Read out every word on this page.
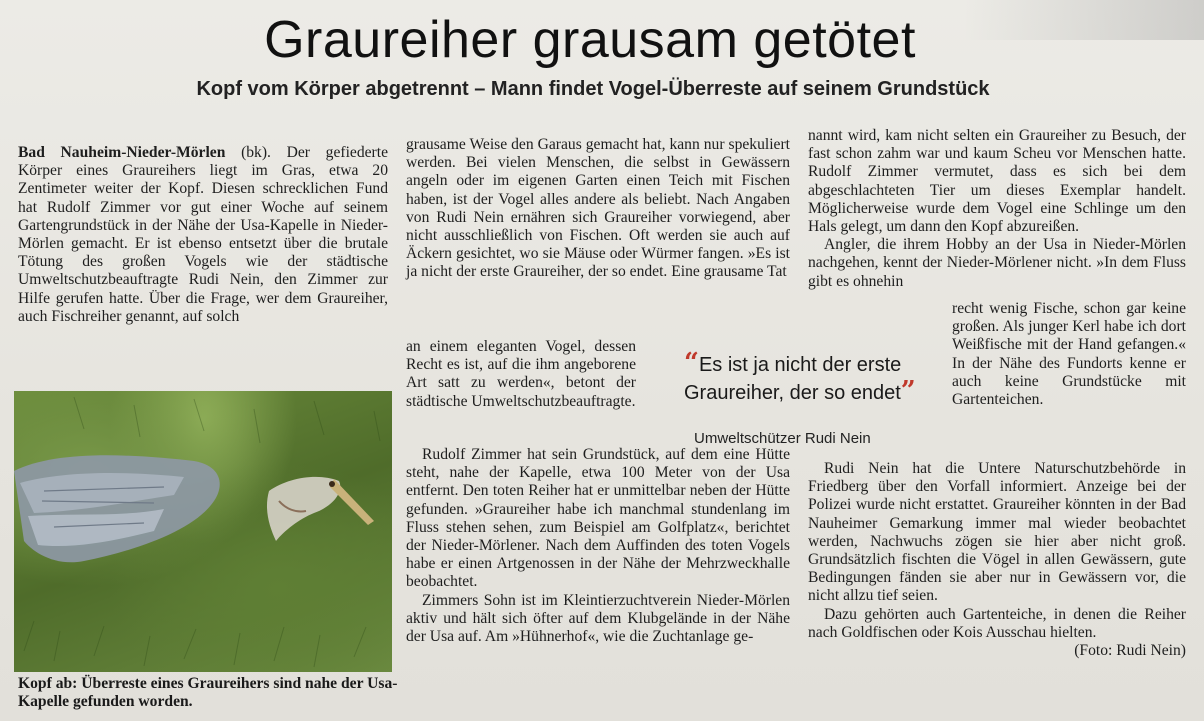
Graureiher grausam getötet
Kopf vom Körper abgetrennt – Mann findet Vogel-Überreste auf seinem Grundstück

Bad Nauheim-Nieder-Mörlen (bk). Der gefiederte Körper eines Graureihers liegt im Gras, etwa 20 Zentimeter weiter der Kopf. Diesen schrecklichen Fund hat Rudolf Zimmer vor gut einer Woche auf seinem Gartengrundstück in der Nähe der Usa-Kapelle in Nieder-Mörlen gemacht. Er ist ebenso entsetzt über die brutale Tötung des großen Vogels wie der städtische Umweltschutzbeauftragte Rudi Nein, den Zimmer zur Hilfe gerufen hatte. Über die Frage, wer dem Graureiher, auch Fischreiher genannt, auf solch

Kopf ab: Überreste eines Graureihers sind nahe der Usa-Kapelle gefunden worden.

grausame Weise den Garaus gemacht hat, kann nur spekuliert werden. Bei vielen Menschen, die selbst in Gewässern angeln oder im eigenen Garten einen Teich mit Fischen haben, ist der Vogel alles andere als beliebt. Nach Angaben von Rudi Nein ernähren sich Graureiher vorwiegend, aber nicht ausschließlich von Fischen. Oft werden sie auch auf Äckern gesichtet, wo sie Mäuse oder Würmer fangen. »Es ist ja nicht der erste Graureiher, der so endet. Eine grausame Tat

an einem eleganten Vogel, dessen Recht es ist, auf die ihm angeborene Art satt zu werden«, betont der städtische Umweltschutzbeauftragte.

Rudolf Zimmer hat sein Grundstück, auf dem eine Hütte steht, nahe der Kapelle, etwa 100 Meter von der Usa entfernt. Den toten Reiher hat er unmittelbar neben der Hütte gefunden. »Graureiher habe ich manchmal stundenlang im Fluss stehen sehen, zum Beispiel am Golfplatz«, berichtet der Nieder-Mörlener. Nach dem Auffinden des toten Vogels habe er einen Artgenossen in der Nähe der Mehrzweckhalle beobachtet.

Zimmers Sohn ist im Kleintierzuchtverein Nieder-Mörlen aktiv und hält sich öfter auf dem Klubgelände in der Nähe der Usa auf. Am »Hühnerhof«, wie die Zuchtanlage ge-

“Es ist ja nicht der erste Graureiher, der so endet”
Umweltschützer Rudi Nein

nannt wird, kam nicht selten ein Graureiher zu Besuch, der fast schon zahm war und kaum Scheu vor Menschen hatte. Rudolf Zimmer vermutet, dass es sich bei dem abgeschlachteten Tier um dieses Exemplar handelt. Möglicherweise wurde dem Vogel eine Schlinge um den Hals gelegt, um dann den Kopf abzureißen.

Angler, die ihrem Hobby an der Usa in Nieder-Mörlen nachgehen, kennt der Nieder-Mörlener nicht. »In dem Fluss gibt es ohnehin

recht wenig Fische, schon gar keine großen. Als junger Kerl habe ich dort Weißfische mit der Hand gefangen.« In der Nähe des Fundorts kenne er auch keine Grundstücke mit Gartenteichen.

Rudi Nein hat die Untere Naturschutzbehörde in Friedberg über den Vorfall informiert. Anzeige bei der Polizei wurde nicht erstattet. Graureiher könnten in der Bad Nauheimer Gemarkung immer mal wieder beobachtet werden, Nachwuchs zögen sie hier aber nicht groß. Grundsätzlich fischten die Vögel in allen Gewässern, gute Bedingungen fänden sie aber nur in Gewässern vor, die nicht allzu tief seien.

Dazu gehörten auch Gartenteiche, in denen die Reiher nach Goldfischen oder Kois Ausschau hielten.
(Foto: Rudi Nein)
